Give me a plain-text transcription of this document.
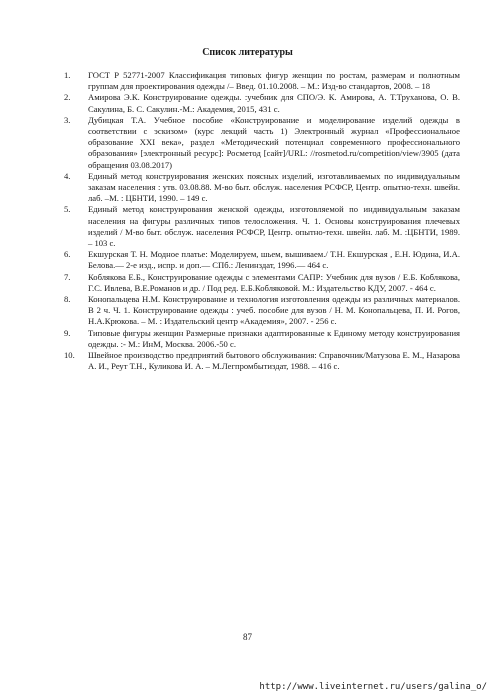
Список литературы
1.	ГОСТ Р 52771-2007 Классификация типовых фигур женщин по ростам, размерам и полнотным группам для проектирования одежды /– Введ. 01.10.2008. – М.: Изд-во стандартов, 2008. – 18
2.	Амирова Э.К. Конструирование одежды. :учебник для СПО/Э. К. Амирова, А. Т.Труханова, О. В. Сакулина, Б. С. Сакулин.-М.: Академия, 2015, 431 с.
3.	Дубицкая Т.А. Учебное пособие «Конструирование и моделирование изделий одежды в соответствии с эскизом» (курс лекций часть 1) Электронный журнал «Профессиональное образование XXI века», раздел «Методический потенциал современного профессионального образования» [электронный ресурс]: Росметод [сайт]/URL: //rosmetod.ru/competition/view/3905 (дата обращения 03.08.2017)
4.	Единый метод конструирования женских поясных изделий, изготавливаемых по индивидуальным заказам населения : утв. 03.08.88. М-во быт. обслуж. населения РСФСР, Центр. опытно-техн. швейн. лаб. –М. : ЦБНТИ, 1990. – 149 с.
5.	Единый метод конструирования женской одежды, изготовляемой по индивидуальным заказам населения на фигуры различных типов телосложения. Ч. 1. Основы конструирования плечевых изделий / М-во быт. обслуж. населения РСФСР, Центр. опытно-техн. швейн. лаб. М. :ЦБНТИ, 1989. – 103 с.
6.	Екшурская Т. Н. Модное платье: Моделируем, шьем, вышиваем./ Т.Н. Екшурская , Е.Н. Юдина, И.А. Белова.— 2-е изд., испр. и доп.— СПб.: Ленинздат, 1996.— 464 с.
7.	Коблякова Е.Б., Конструирование одежды с элементами САПР: Учебник для вузов / Е.Б. Коблякова, Г.С. Ивлева, В.Е.Романов и др. / Под ред. Е.Б.Кобляковой. М.: Издательство КДУ, 2007. - 464 с.
8.	Конопальцева Н.М. Конструирование и технология изготовления одежды из различных материалов. В 2 ч. Ч. 1. Конструирование одежды : учеб. пособие для вузов / Н. М. Конопальцева, П. И. Рогов, Н.А.Крюкова. – М. : Издательский центр «Академия», 2007. - 256 с.
9.	Типовые фигуры женщин Размерные признаки адаптированные к Единому методу конструирования одежды. :- М.: ИнМ, Москва. 2006.-50 с.
10.	Швейное производство предприятий бытового обслуживания: Справочник/Матузова Е. М., Назарова А. И., Реут Т.Н., Куликова И. А. – М.Легпромбытиздат, 1988. – 416 с.
87
http://www.liveinternet.ru/users/galina_o/
